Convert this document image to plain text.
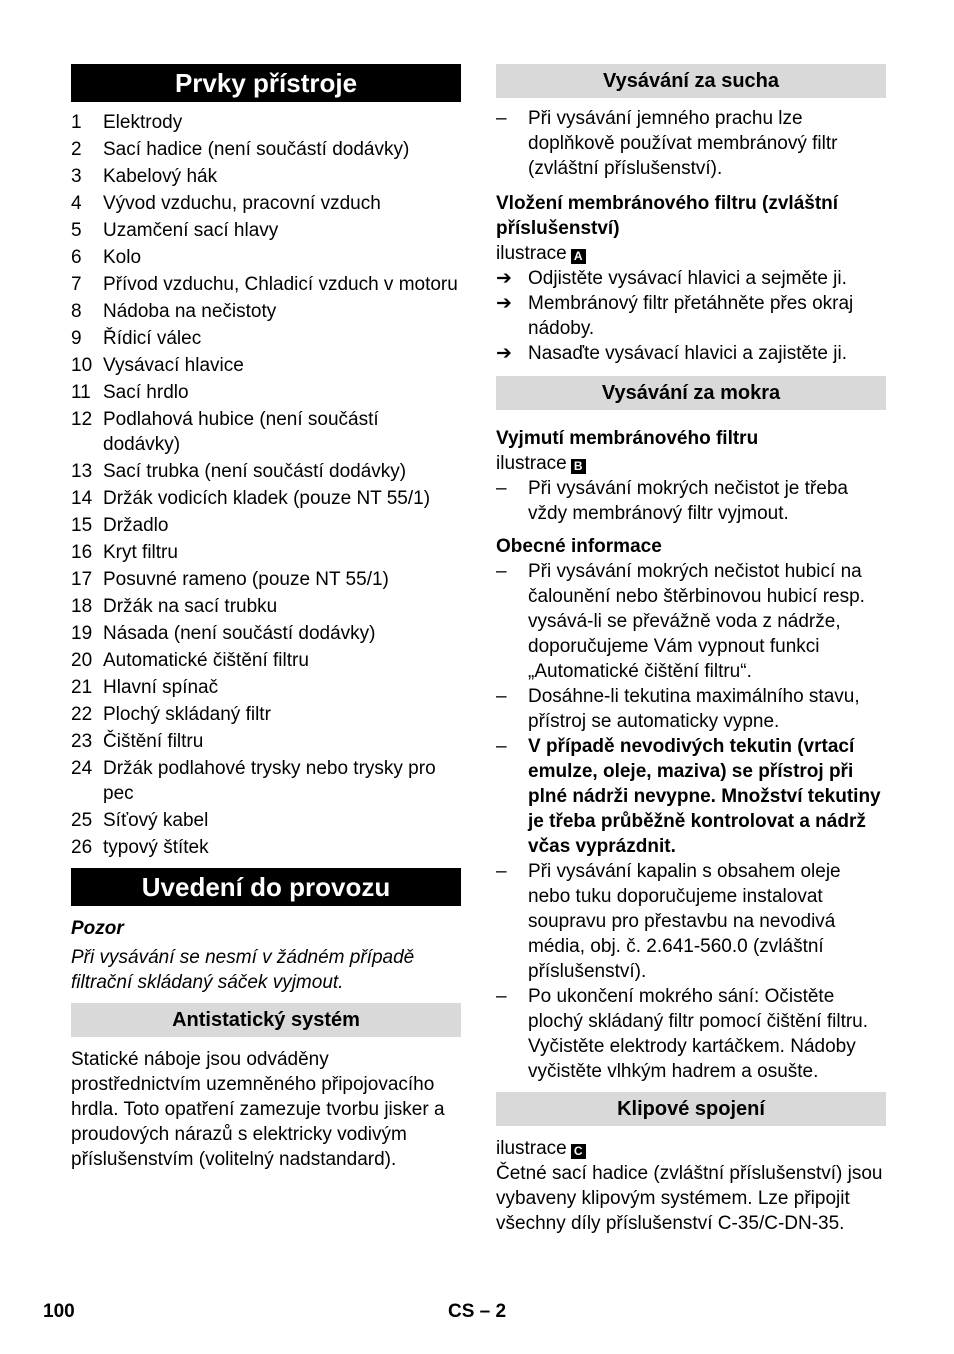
Prvky přístroje
1	Elektrody
2	Sací hadice (není součástí dodávky)
3	Kabelový hák
4	Vývod vzduchu, pracovní vzduch
5	Uzamčení sací hlavy
6	Kolo
7	Přívod vzduchu, Chladicí vzduch v motoru
8	Nádoba na nečistoty
9	Řídicí válec
10 Vysávací hlavice
11 Sací hrdlo
12 Podlahová hubice (není součástí dodávky)
13 Sací trubka (není součástí dodávky)
14 Držák vodicích kladek (pouze NT 55/1)
15 Držadlo
16 Kryt filtru
17 Posuvné rameno (pouze NT 55/1)
18 Držák na sací trubku
19 Násada (není součástí dodávky)
20 Automatické čištění filtru
21 Hlavní spínač
22 Plochý skládaný filtr
23 Čištění filtru
24 Držák podlahové trysky nebo trysky pro pec
25 Síťový kabel
26 typový štítek
Uvedení do provozu

Pozor

Při vysávání se nesmí v žádném případě filtrační skládaný sáček vyjmout.

Antistatický systém

Statické náboje jsou odváděny prostřednictvím uzemněného připojovacího hrdla. Toto opatření zamezuje tvorbu jisker a proudových nárazů s elektricky vodivým příslušenstvím (volitelný nadstandard).

Vysávání za sucha
–	Při vysávání jemného prachu lze doplňkově používat membránový filtr (zvláštní příslušenství).

Vložení membránového filtru (zvláštní příslušenství)

ilustrace A

➔ Odjistěte vysávací hlavici a sejměte ji.
➔ Membránový filtr přetáhněte přes okraj nádoby.
➔ Nasaďte vysávací hlavici a zajistěte ji.
Vysávání za mokra

Vyjmutí membránového filtru

ilustrace B

–	Při vysávání mokrých nečistot je třeba vždy membránový filtr vyjmout.

Obecné informace

–	Při vysávání mokrých nečistot hubicí na čalounění nebo štěrbinovou hubicí resp. vysává-li se převážně voda z nádrže, doporučujeme Vám vypnout funkci „Automatické čištění filtru“.
–	Dosáhne-li tekutina maximálního stavu, přístroj se automaticky vypne.
–	V případě nevodivých tekutin (vrtací emulze, oleje, maziva) se přístroj při plné nádrži nevypne. Množství tekutiny je třeba průběžně kontrolovat a nádrž včas vyprázdnit.
–	Při vysávání kapalin s obsahem oleje nebo tuku doporučujeme instalovat soupravu pro přestavbu na nevodivá média, obj. č. 2.641-560.0 (zvláštní příslušenství).
–	Po ukončení mokrého sání: Očistěte plochý skládaný filtr pomocí čištění filtru. Vyčistěte elektrody kartáčkem. Nádoby vyčistěte vlhkým hadrem a osušte.
Klipové spojení

ilustrace C

Četné sací hadice (zvláštní příslušenství) jsou vybaveny klipovým systémem. Lze připojit všechny díly příslušenství C-35/C-DN-35.

100	CS – 2
